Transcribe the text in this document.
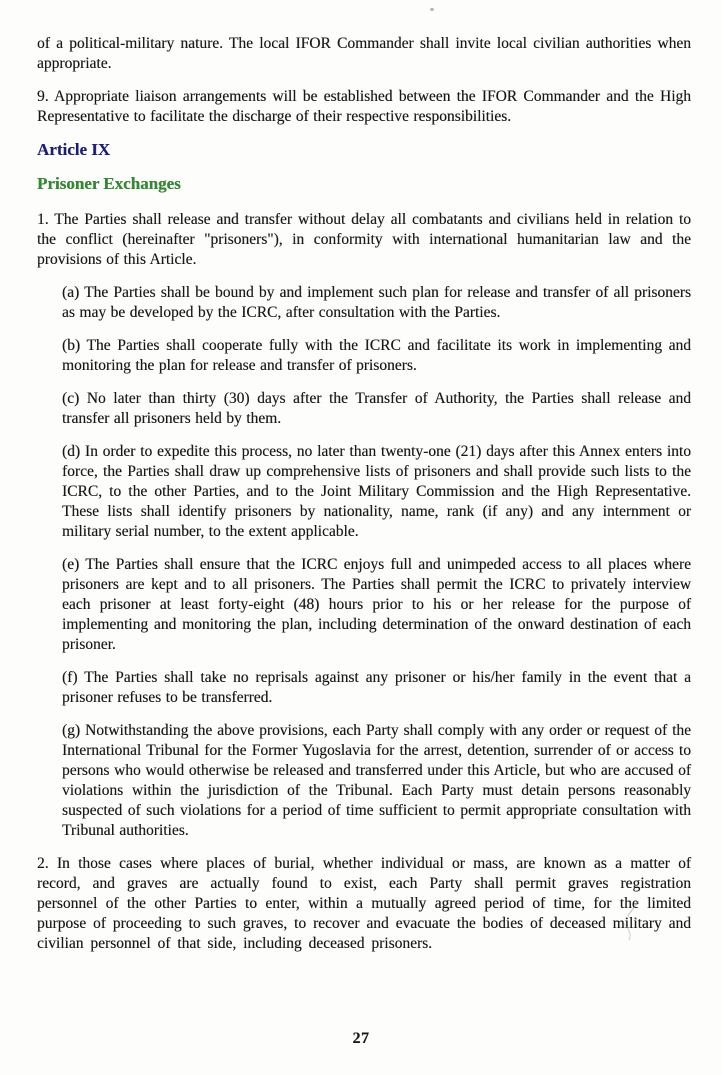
of a political-military nature. The local IFOR Commander shall invite local civilian authorities when appropriate.

9. Appropriate liaison arrangements will be established between the IFOR Commander and the High Representative to facilitate the discharge of their respective responsibilities.

Article IX
Prisoner Exchanges

1. The Parties shall release and transfer without delay all combatants and civilians held in relation to the conflict (hereinafter "prisoners"), in conformity with international humanitarian law and the provisions of this Article.

(a) The Parties shall be bound by and implement such plan for release and transfer of all prisoners as may be developed by the ICRC, after consultation with the Parties.

(b) The Parties shall cooperate fully with the ICRC and facilitate its work in implementing and monitoring the plan for release and transfer of prisoners.

(c) No later than thirty (30) days after the Transfer of Authority, the Parties shall release and transfer all prisoners held by them.

(d) In order to expedite this process, no later than twenty-one (21) days after this Annex enters into force, the Parties shall draw up comprehensive lists of prisoners and shall provide such lists to the ICRC, to the other Parties, and to the Joint Military Commission and the High Representative. These lists shall identify prisoners by nationality, name, rank (if any) and any internment or military serial number, to the extent applicable.

(e) The Parties shall ensure that the ICRC enjoys full and unimpeded access to all places where prisoners are kept and to all prisoners. The Parties shall permit the ICRC to privately interview each prisoner at least forty-eight (48) hours prior to his or her release for the purpose of implementing and monitoring the plan, including determination of the onward destination of each prisoner.

(f) The Parties shall take no reprisals against any prisoner or his/her family in the event that a prisoner refuses to be transferred.

(g) Notwithstanding the above provisions, each Party shall comply with any order or request of the International Tribunal for the Former Yugoslavia for the arrest, detention, surrender of or access to persons who would otherwise be released and transferred under this Article, but who are accused of violations within the jurisdiction of the Tribunal. Each Party must detain persons reasonably suspected of such violations for a period of time sufficient to permit appropriate consultation with Tribunal authorities.

2. In those cases where places of burial, whether individual or mass, are known as a matter of record, and graves are actually found to exist, each Party shall permit graves registration personnel of the other Parties to enter, within a mutually agreed period of time, for the limited purpose of proceeding to such graves, to recover and evacuate the bodies of deceased military and civilian personnel of that side, including deceased prisoners.

27
